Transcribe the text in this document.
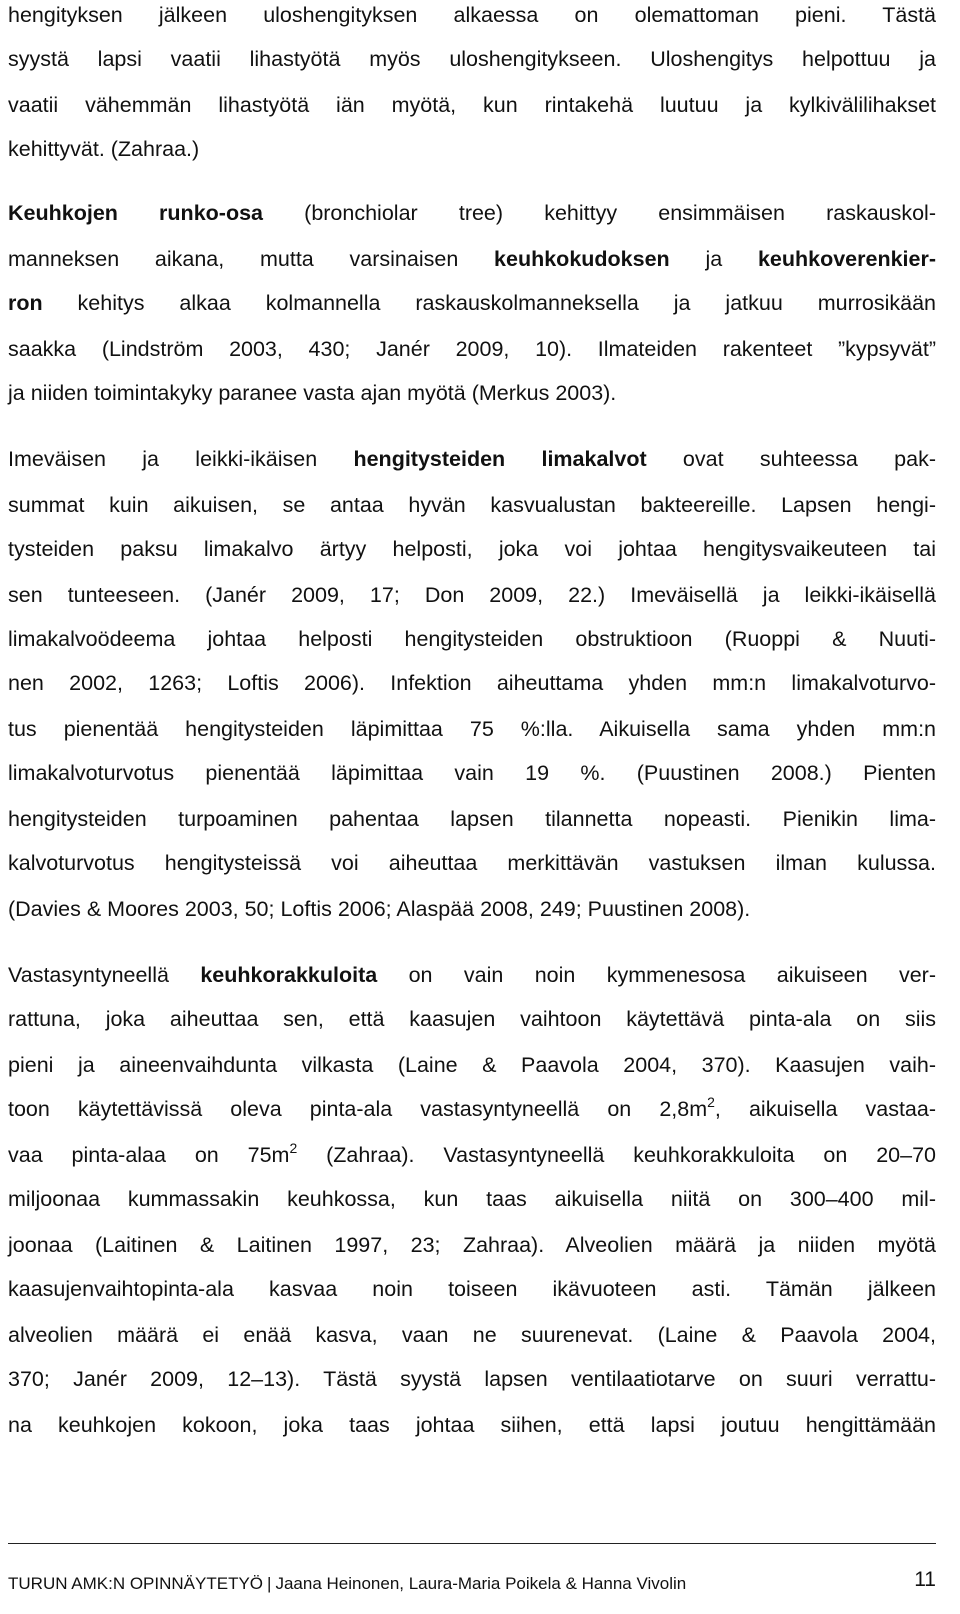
hengityksen jälkeen uloshengityksen alkaessa on olemattoman pieni. Tästä
syystä lapsi vaatii lihastyötä myös uloshengitykseen. Uloshengitys helpottuu ja
vaatii vähemmän lihastyötä iän myötä, kun rintakehä luutuu ja kylkivälilihakset
kehittyvät. (Zahraa.)
Keuhkojen runko-osa (bronchiolar tree) kehittyy ensimmäisen raskauskol-
manneksen aikana, mutta varsinaisen keuhkokudoksen ja keuhkoverenkier-
ron kehitys alkaa kolmannella raskauskolmanneksella ja jatkuu murrosikään
saakka (Lindström 2003, 430; Janér 2009, 10). Ilmateiden rakenteet ”kypsyvät”
ja niiden toimintakyky paranee vasta ajan myötä (Merkus 2003).
Imeväisen ja leikki-ikäisen hengitysteiden limakalvot ovat suhteessa pak-
summat kuin aikuisen, se antaa hyvän kasvualustan bakteereille. Lapsen hengi-
tysteiden paksu limakalvo ärtyy helposti, joka voi johtaa hengitysvaikeuteen tai
sen tunteeseen. (Janér 2009, 17; Don 2009, 22.) Imeväisellä ja leikki-ikäisellä
limakalvoödeema johtaa helposti hengitysteiden obstruktioon (Ruoppi & Nuuti-
nen 2002, 1263; Loftis 2006). Infektion aiheuttama yhden mm:n limakalvoturvo-
tus pienentää hengitysteiden läpimittaa 75 %:lla. Aikuisella sama yhden mm:n
limakalvoturvotus pienentää läpimittaa vain 19 %. (Puustinen 2008.) Pienten
hengitysteiden turpoaminen pahentaa lapsen tilannetta nopeasti. Pienikin lima-
kalvoturvotus hengitysteissä voi aiheuttaa merkittävän vastuksen ilman kulussa.
(Davies & Moores 2003, 50; Loftis 2006; Alaspää 2008, 249; Puustinen 2008).
Vastasyntyneellä keuhkorakkuloita on vain noin kymmenesosa aikuiseen ver-
rattuna, joka aiheuttaa sen, että kaasujen vaihtoon käytettävä pinta-ala on siis
pieni ja aineenvaihdunta vilkasta (Laine & Paavola 2004, 370). Kaasujen vaih-
toon käytettävissä oleva pinta-ala vastasyntyneellä on $2,8m^2$, aikuisella vastaa-
vaa pinta-alaa on $75m^2$ (Zahraa). Vastasyntyneellä keuhkorakkuloita on 20–70
miljoonaa kummassakin keuhkossa, kun taas aikuisella niitä on 300–400 mil-
joonaa (Laitinen & Laitinen 1997, 23; Zahraa). Alveolien määrä ja niiden myötä
kaasujenvaihtopinta-ala kasvaa noin toiseen ikävuoteen asti. Tämän jälkeen
alveolien määrä ei enää kasva, vaan ne suurenevat. (Laine & Paavola 2004,
370; Janér 2009, 12–13). Tästä syystä lapsen ventilaatiotarve on suuri verrattu-
na keuhkojen kokoon, joka taas johtaa siihen, että lapsi joutuu hengittämään
TURUN AMK:N OPINNÄYTETYÖ | Jaana Heinonen, Laura-Maria Poikela & Hanna Vivolin	11
